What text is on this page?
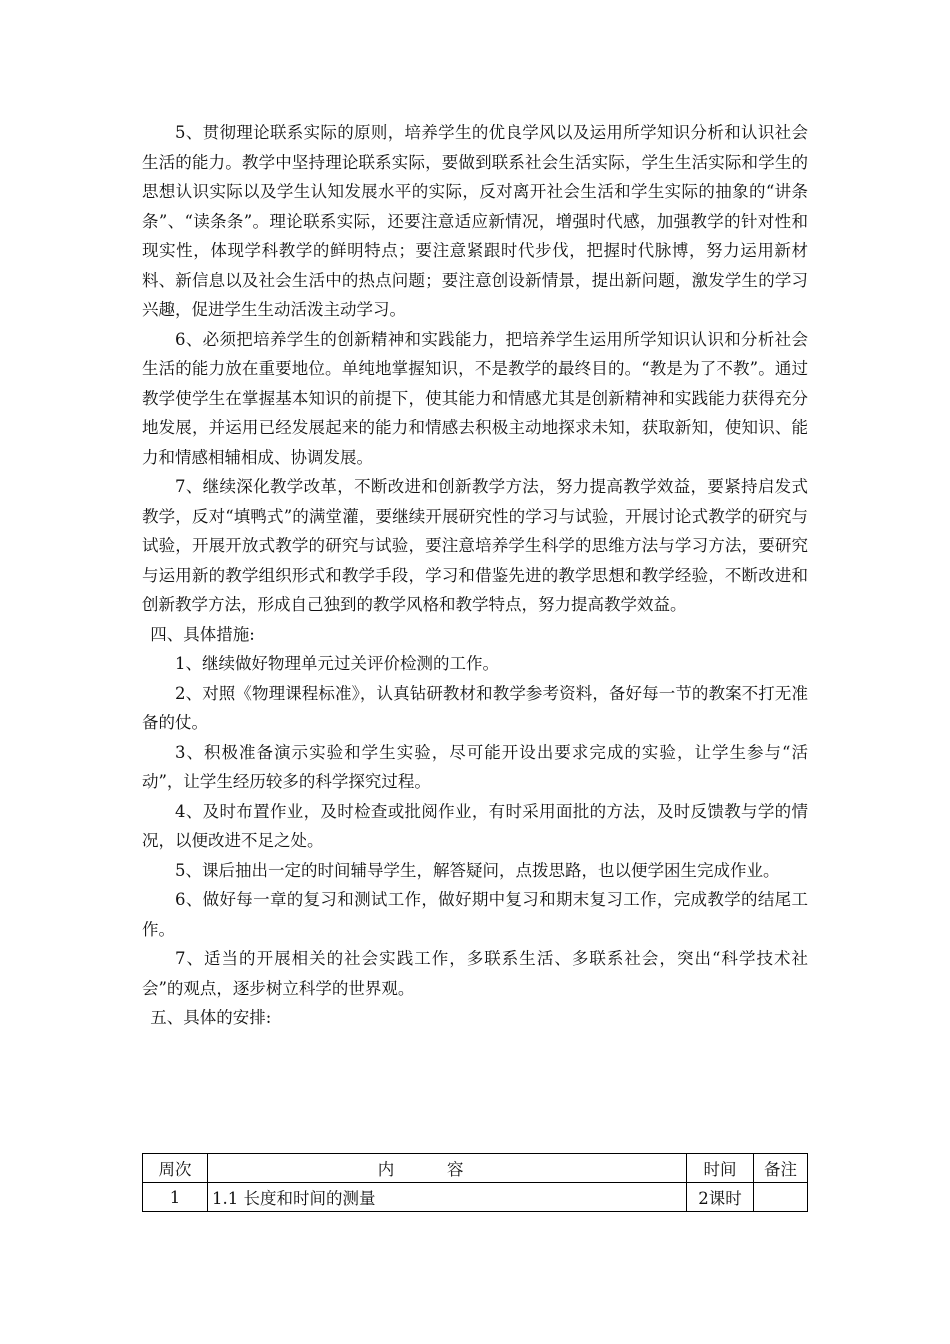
5、贯彻理论联系实际的原则，培养学生的优良学风以及运用所学知识分析和认识社会生活的能力。教学中坚持理论联系实际，要做到联系社会生活实际，学生生活实际和学生的思想认识实际以及学生认知发展水平的实际，反对离开社会生活和学生实际的抽象的“讲条条”、“读条条”。理论联系实际，还要注意适应新情况，增强时代感，加强教学的针对性和现实性，体现学科教学的鲜明特点；要注意紧跟时代步伐，把握时代脉博，努力运用新材料、新信息以及社会生活中的热点问题；要注意创设新情景，提出新问题，激发学生的学习兴趣，促进学生生动活泼主动学习。

6、必须把培养学生的创新精神和实践能力，把培养学生运用所学知识认识和分析社会生活的能力放在重要地位。单纯地掌握知识，不是教学的最终目的。“教是为了不教”。通过教学使学生在掌握基本知识的前提下，使其能力和情感尤其是创新精神和实践能力获得充分地发展，并运用已经发展起来的能力和情感去积极主动地探求未知，获取新知，使知识、能力和情感相辅相成、协调发展。

7、继续深化教学改革，不断改进和创新教学方法，努力提高教学效益，要紧持启发式教学，反对“填鸭式”的满堂灌，要继续开展研究性的学习与试验，开展讨论式教学的研究与试验，开展开放式教学的研究与试验，要注意培养学生科学的思维方法与学习方法，要研究与运用新的教学组织形式和教学手段，学习和借鉴先进的教学思想和教学经验，不断改进和创新教学方法，形成自己独到的教学风格和教学特点，努力提高教学效益。

四、具体措施:

1、继续做好物理单元过关评价检测的工作。

2、对照《物理课程标准》，认真钻研教材和教学参考资料，备好每一节的教案不打无准备的仗。

3、积极准备演示实验和学生实验，尽可能开设出要求完成的实验，让学生参与“活动”，让学生经历较多的科学探究过程。

4、及时布置作业，及时检查或批阅作业，有时采用面批的方法，及时反馈教与学的情况，以便改进不足之处。

5、课后抽出一定的时间辅导学生，解答疑问，点拨思路，也以便学困生完成作业。

6、做好每一章的复习和测试工作，做好期中复习和期末复习工作，完成教学的结尾工作。

7、适当的开展相关的社会实践工作，多联系生活、多联系社会，突出“科学技术社会”的观点，逐步树立科学的世界观。

五、具体的安排:

周次	内容	时间	备注
1	1.1 长度和时间的测量	2课时	
